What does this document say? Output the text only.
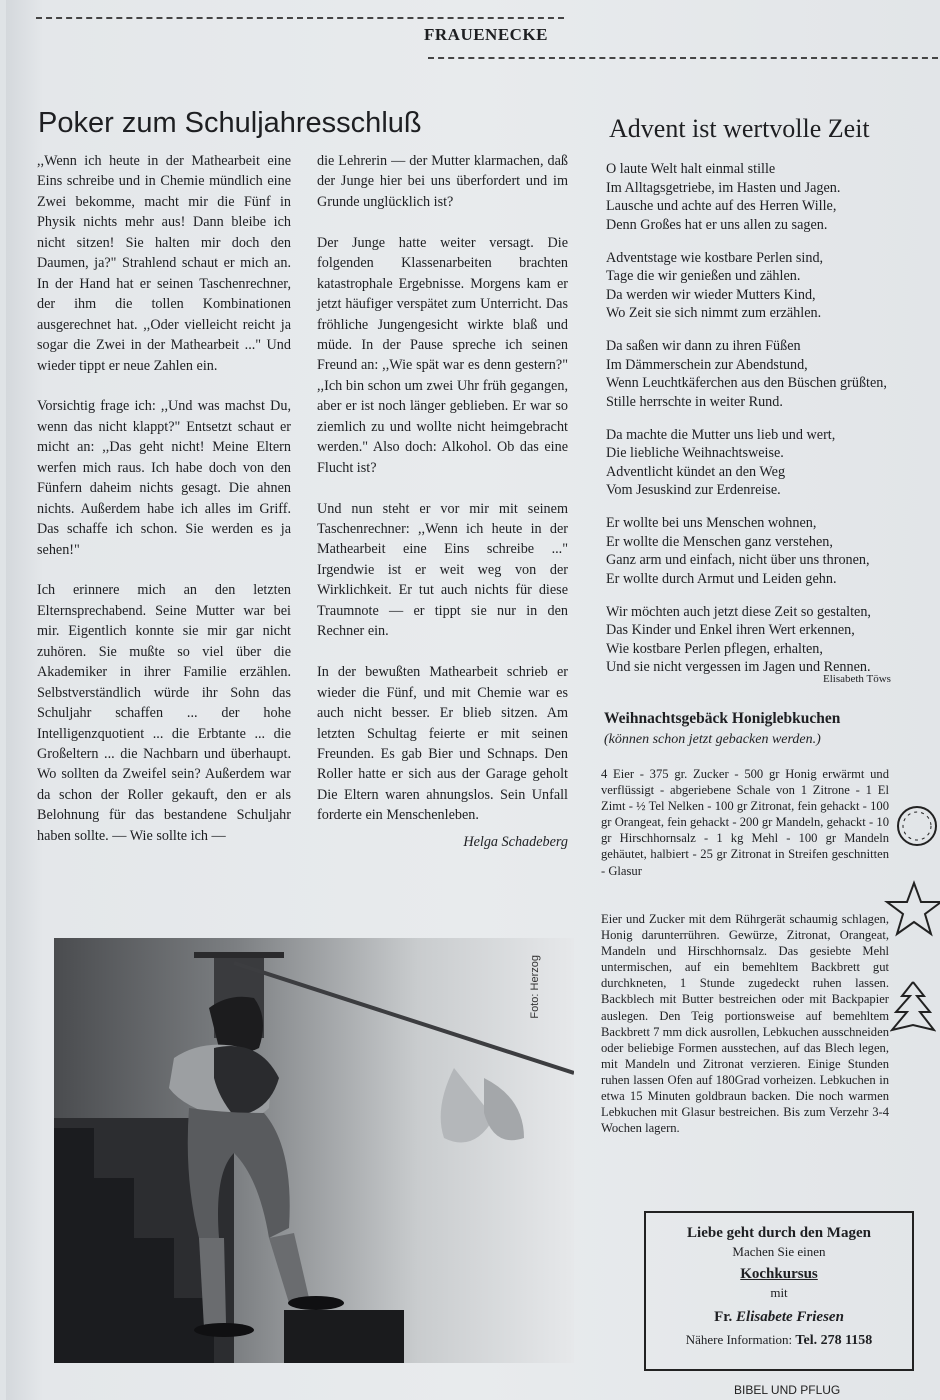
FRAUENECKE
Poker zum Schuljahresschluß	Advent ist wertvolle Zeit

,,Wenn ich heute in der Mathearbeit eine Eins schreibe und in Chemie mündlich eine Zwei bekomme, macht mir die Fünf in Physik nichts mehr aus! Dann bleibe ich nicht sitzen! Sie halten mir doch den Daumen, ja?" Strahlend schaut er mich an. In der Hand hat er seinen Taschenrechner, der ihm die tollen Kombinationen ausgerechnet hat. ,,Oder vielleicht reicht ja sogar die Zwei in der Mathearbeit ..." Und wieder tippt er neue Zahlen ein.

Vorsichtig frage ich: ,,Und was machst Du, wenn das nicht klappt?" Entsetzt schaut er micht an: ,,Das geht nicht! Meine Eltern werfen mich raus. Ich habe doch von den Fünfern daheim nichts gesagt. Die ahnen nichts. Außerdem habe ich alles im Griff. Das schaffe ich schon. Sie werden es ja sehen!"

Ich erinnere mich an den letzten Elternsprechabend. Seine Mutter war bei mir. Eigentlich konnte sie mir gar nicht zuhören. Sie mußte so viel über die Akademiker in ihrer Familie erzählen. Selbstverständlich würde ihr Sohn das Schuljahr schaffen ... der hohe Intelligenzquotient ... die Erbtante ... die Großeltern ... die Nachbarn und überhaupt. Wo sollten da Zweifel sein? Außerdem war da schon der Roller gekauft, den er als Belohnung für das bestandene Schuljahr haben sollte. — Wie sollte ich —

die Lehrerin — der Mutter klarmachen, daß der Junge hier bei uns überfordert und im Grunde unglücklich ist?

Der Junge hatte weiter versagt. Die folgenden Klassenarbeiten brachten katastrophale Ergebnisse. Morgens kam er jetzt häufiger verspätet zum Unterricht. Das fröhliche Jungengesicht wirkte blaß und müde. In der Pause spreche ich seinen Freund an: ,,Wie spät war es denn gestern?" ,,Ich bin schon um zwei Uhr früh gegangen, aber er ist noch länger geblieben. Er war so ziemlich zu und wollte nicht heimgebracht werden." Also doch: Alkohol. Ob das eine Flucht ist?

Und nun steht er vor mir mit seinem Taschenrechner: ,,Wenn ich heute in der Mathearbeit eine Eins schreibe ..." Irgendwie ist er weit weg von der Wirklichkeit. Er tut auch nichts für diese Traumnote — er tippt sie nur in den Rechner ein.

In der bewußten Mathearbeit schrieb er wieder die Fünf, und mit Chemie war es auch nicht besser. Er blieb sitzen. Am letzten Schultag feierte er mit seinen Freunden. Es gab Bier und Schnaps. Den Roller hatte er sich aus der Garage geholt Die Eltern waren ahnungslos. Sein Unfall forderte ein Menschenleben.

Helga Schadeberg
O laute Welt halt einmal stille
Im Alltagsgetriebe, im Hasten und Jagen.
Lausche und achte auf des Herren Wille,
Denn Großes hat er uns allen zu sagen.
Adventstage wie kostbare Perlen sind,
Tage die wir genießen und zählen.
Da werden wir wieder Mutters Kind,
Wo Zeit sie sich nimmt zum erzählen.
Da saßen wir dann zu ihren Füßen
Im Dämmerschein zur Abendstund,
Wenn Leuchtkäferchen aus den Büschen grüßten,
Stille herrschte in weiter Rund.
Da machte die Mutter uns lieb und wert,
Die liebliche Weihnachtsweise.
Adventlicht kündet an den Weg
Vom Jesuskind zur Erdenreise.
Er wollte bei uns Menschen wohnen,
Er wollte die Menschen ganz verstehen,
Ganz arm und einfach, nicht über uns thronen,
Er wollte durch Armut und Leiden gehn.
Wir möchten auch jetzt diese Zeit so gestalten,
Das Kinder und Enkel ihren Wert erkennen,
Wie kostbare Perlen pflegen, erhalten,
Und sie nicht vergessen im Jagen und Rennen.
Elisabeth Töws
Weihnachtsgebäck Honiglebkuchen
(können schon jetzt gebacken werden.)
4 Eier - 375 gr. Zucker - 500 gr Honig erwärmt und verflüssigt - abgeriebene Schale von 1 Zitrone - 1 El Zimt - ½ Tel Nelken - 100 gr Zitronat, fein gehackt - 100 gr Orangeat, fein gehackt - 200 gr Mandeln, gehackt - 10 gr Hirschhornsalz - 1 kg Mehl - 100 gr Mandeln gehäutet, halbiert - 25 gr Zitronat in Streifen geschnitten - Glasur
Eier und Zucker mit dem Rührgerät schaumig schlagen, Honig darunterrühren. Gewürze, Zitronat, Orangeat, Mandeln und Hirschhornsalz. Das gesiebte Mehl untermischen, auf ein bemehltem Backbrett gut durchkneten, 1 Stunde zugedeckt ruhen lassen. Backblech mit Butter bestreichen oder mit Backpapier auslegen. Den Teig portionsweise auf bemehltem Backbrett 7 mm dick ausrollen, Lebkuchen ausschneiden oder beliebige Formen ausstechen, auf das Blech legen, mit Mandeln und Zitronat verzieren. Einige Stunden ruhen lassen Ofen auf 180Grad vorheizen. Lebkuchen in etwa 15 Minuten goldbraun backen. Die noch warmen Lebkuchen mit Glasur bestreichen. Bis zum Verzehr 3-4 Wochen lagern.
Foto: Herzog
Liebe geht durch den Magen
Machen Sie einen
Kochkursus
mit
Fr. Elisabete Friesen
Nähere Information: Tel. 278 1158
BIBEL UND PFLUG
